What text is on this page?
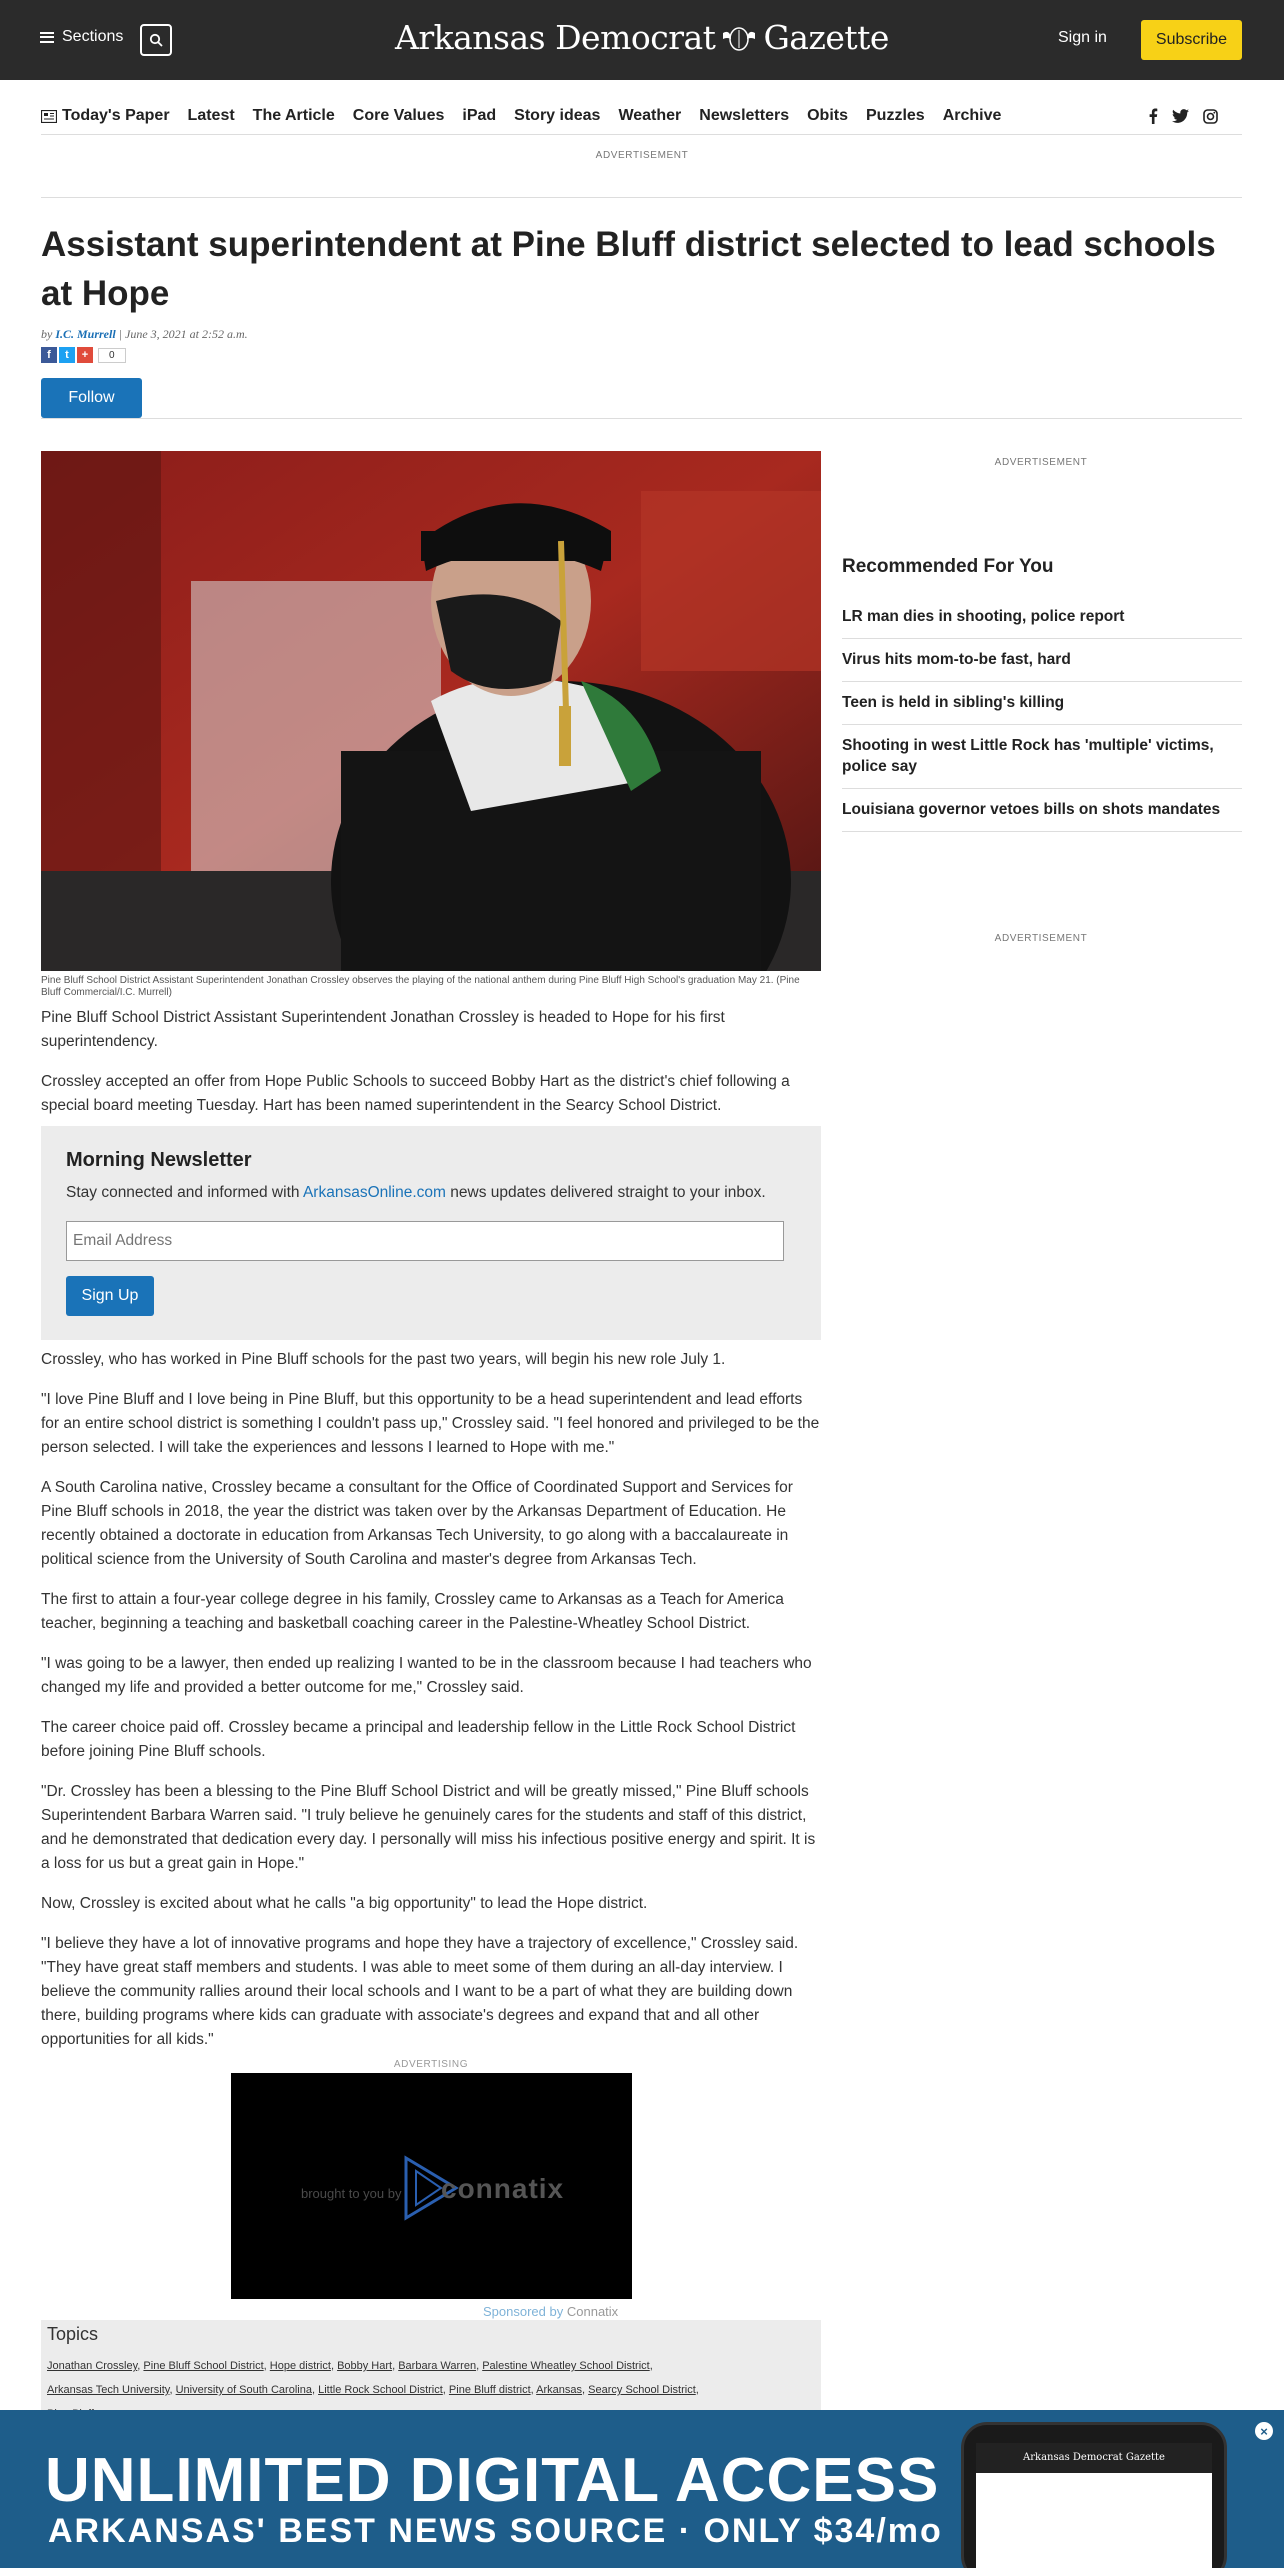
Sections	Arkansas Democrat Gazette	Sign in	Subscribe
Today's Paper Latest The Article Core Values iPad Story ideas Weather Newsletters Obits Puzzles Archive
ADVERTISEMENT
Assistant superintendent at Pine Bluff district selected to lead schools at Hope
by I.C. Murrell | June 3, 2021 at 2:52 a.m.
f	t	+	0
Follow
Pine Bluff School District Assistant Superintendent Jonathan Crossley observes the playing of the national anthem during Pine Bluff High School's graduation May 21. (Pine Bluff Commercial/I.C. Murrell)

Pine Bluff School District Assistant Superintendent Jonathan Crossley is headed to Hope for his first superintendency.

Crossley accepted an offer from Hope Public Schools to succeed Bobby Hart as the district's chief following a special board meeting Tuesday. Hart has been named superintendent in the Searcy School District.

Morning Newsletter
Stay connected and informed with ArkansasOnline.com news updates delivered straight to your inbox.
Email Address
Sign Up

Crossley, who has worked in Pine Bluff schools for the past two years, will begin his new role July 1.

"I love Pine Bluff and I love being in Pine Bluff, but this opportunity to be a head superintendent and lead efforts for an entire school district is something I couldn't pass up," Crossley said. "I feel honored and privileged to be the person selected. I will take the experiences and lessons I learned to Hope with me."

A South Carolina native, Crossley became a consultant for the Office of Coordinated Support and Services for Pine Bluff schools in 2018, the year the district was taken over by the Arkansas Department of Education. He recently obtained a doctorate in education from Arkansas Tech University, to go along with a baccalaureate in political science from the University of South Carolina and master's degree from Arkansas Tech.

The first to attain a four-year college degree in his family, Crossley came to Arkansas as a Teach for America teacher, beginning a teaching and basketball coaching career in the Palestine-Wheatley School District.

"I was going to be a lawyer, then ended up realizing I wanted to be in the classroom because I had teachers who changed my life and provided a better outcome for me," Crossley said.

The career choice paid off. Crossley became a principal and leadership fellow in the Little Rock School District before joining Pine Bluff schools.

"Dr. Crossley has been a blessing to the Pine Bluff School District and will be greatly missed," Pine Bluff schools Superintendent Barbara Warren said. "I truly believe he genuinely cares for the students and staff of this district, and he demonstrated that dedication every day. I personally will miss his infectious positive energy and spirit. It is a loss for us but a great gain in Hope."

Now, Crossley is excited about what he calls "a big opportunity" to lead the Hope district.

"I believe they have a lot of innovative programs and hope they have a trajectory of excellence," Crossley said. "They have great staff members and students. I was able to meet some of them during an all-day interview. I believe the community rallies around their local schools and I want to be a part of what they are building down there, building programs where kids can graduate with associate's degrees and expand that and all other opportunities for all kids."

ADVERTISEMENT
Recommended For You
LR man dies in shooting, police report
Virus hits mom-to-be fast, hard
Teen is held in sibling's killing
Shooting in west Little Rock has 'multiple' victims, police say
Louisiana governor vetoes bills on shots mandates
ADVERTISEMENT
ADVERTISING
brought to you by connatix
Sponsored by Connatix
Topics
Jonathan Crossley, Pine Bluff School District, Hope district, Bobby Hart, Barbara Warren, Palestine Wheatley School District,
Arkansas Tech University, University of South Carolina, Little Rock School District, Pine Bluff district, Arkansas, Searcy School District,

UNLIMITED DIGITAL ACCESS
ARKANSAS' BEST NEWS SOURCE · ONLY $34/mo
Arkansas Democrat Gazette
×
